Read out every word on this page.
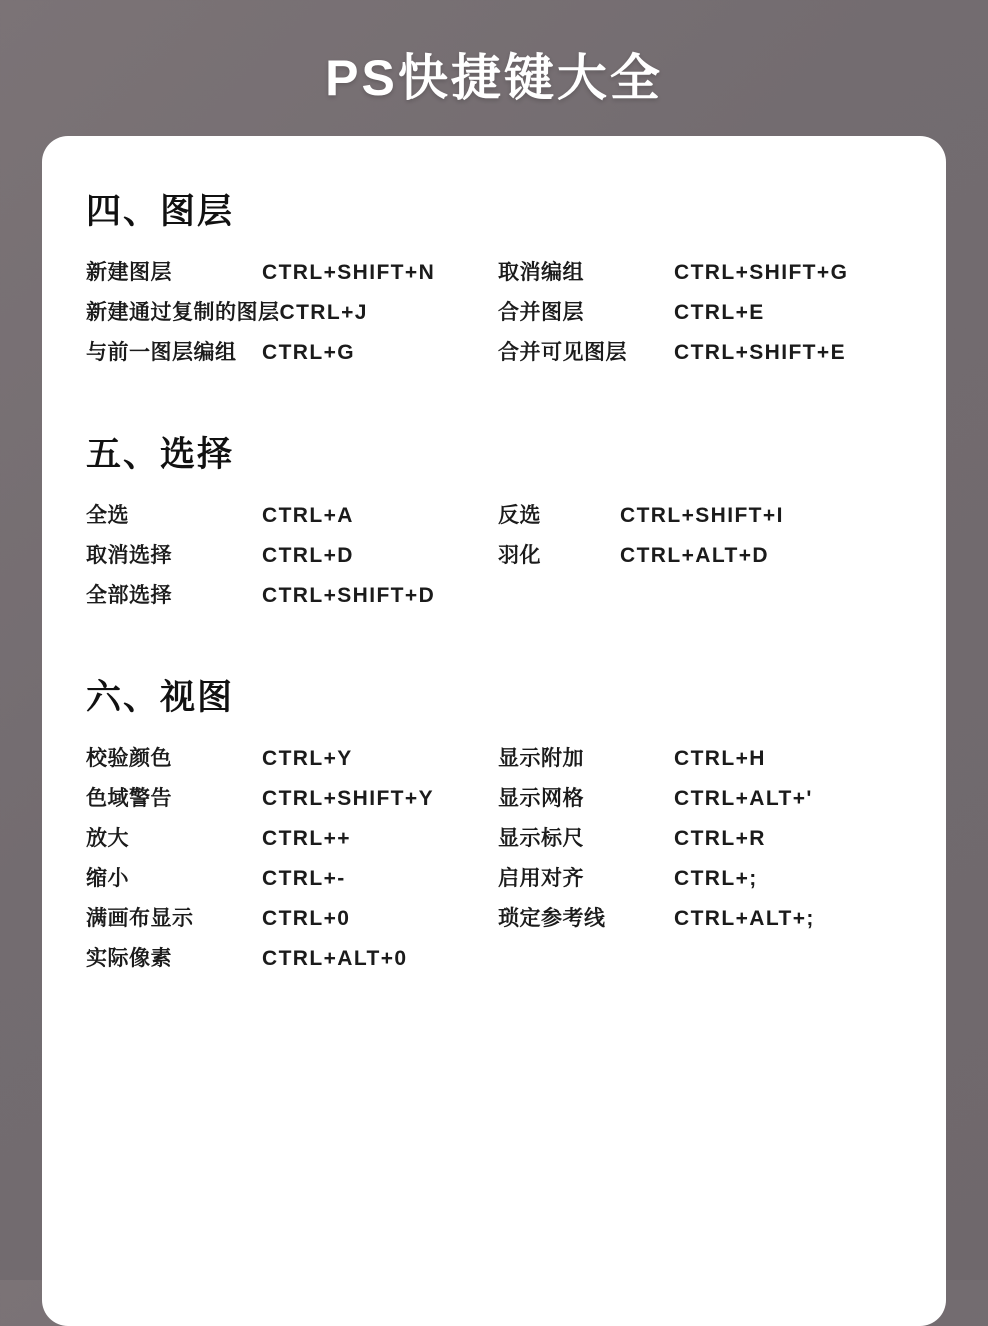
PS快捷键大全
四、图层
新建图层	CTRL+SHIFT+N	取消编组	CTRL+SHIFT+G
新建通过复制的图层 CTRL+J	合并图层	CTRL+E
与前一图层编组	CTRL+G	合并可见图层	CTRL+SHIFT+E
五、选择
全选	CTRL+A	反选	CTRL+SHIFT+I
取消选择	CTRL+D	羽化	CTRL+ALT+D
全部选择	CTRL+SHIFT+D
六、视图
校验颜色	CTRL+Y	显示附加	CTRL+H
色域警告	CTRL+SHIFT+Y	显示网格	CTRL+ALT+'
放大	CTRL++	显示标尺	CTRL+R
缩小	CTRL+-	启用对齐	CTRL+;
满画布显示	CTRL+0	琐定参考线	CTRL+ALT+;
实际像素	CTRL+ALT+0
